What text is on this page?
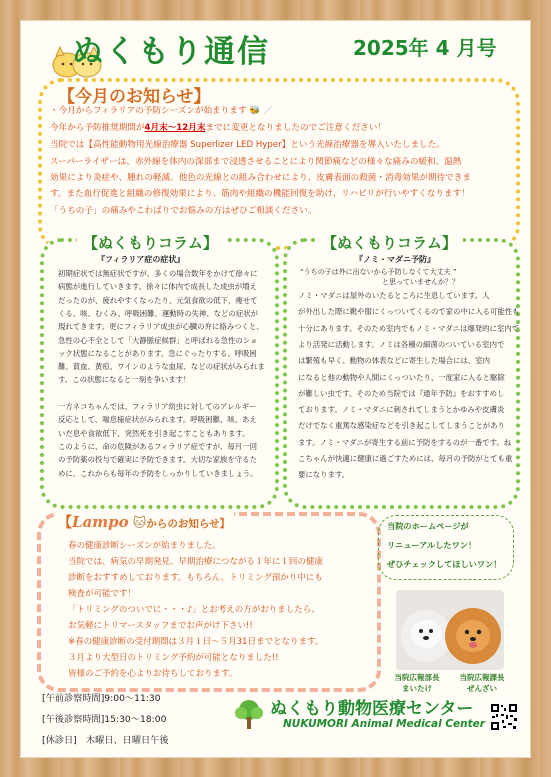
ぬくもり通信	2025年 4 月号
【今月のお知らせ】
・今月からフィラリアの予防シーズンが始まります 🐝 ／
今年から予防推奨期間が4月末〜12月末までに変更となりましたのでご注意ください！
当院では【高性能動物用光線治療器 Superlizer LED Hyper】という光線治療器を導入いたしました。
スーパーライザーは、赤外線を体内の深部まで浸透させることにより関節痛などの様々な痛みの緩和、温熱
効果により炎症や、腫れの軽減、他色の光線との組み合わせにより、皮膚表面の殺菌・消毒効果が期待できま
す。また血行促進と組織の修復効果により、筋肉や組織の機能回復を助け、リハビリが行いやすくなります！
「うちの子」の痛みやこわばりでお悩みの方はぜひご相談ください。
【ぬくもりコラム】
『フィラリア症の症状』
初期症状では無症状ですが、多くの場合数年をかけて徐々に
病態が進行していきます。徐々に体内で成長した成虫が増え
だったのが、疲れやすくなったり、元気食欲の低下、痩せて
くる、咳、むくみ、呼吸困難、運動時の失神、などの症状が
現れてきます。更にフィラリア成虫が心臓の弁に絡みつくと、
急性の心不全として「大静脈症候群」と呼ばれる急性のショ
ック状態になることがあります。急にぐったりする、呼吸困
難、貧血、黄疸、ワインのような血尿、などの症状がみられま
す。この状態になると一刻を争います！
一方ネコちゃんでは、フィラリア幼虫に対してのアレルギー
反応として、喘息様症状がみられます。呼吸困難、咳、あえ
いだ息や食欲低下、突然死を引き起こすこともあります。
このように、命の危険があるフィラリア症ですが、毎月一回
の予防薬の投与で確実に予防できます。大切な家族を守るた
めに、これからも毎年の予防をしっかりしていきましょう。
【ぬくもりコラム】
『ノミ・マダニ予防』
“うちの子は外に出ないから予防しなくて大丈夫 ”
と思っていませんか？？
ノミ・マダニは屋外のいたるところに生息しています。人
が外出した際に靴や服にくっついてくるので家の中に入る可能性も
十分にあります。そのため室内でもノミ・マダニは爆発的に室内で
より活発に活動します。ノミは各種の細菌のついている室内で
は繁殖も早く、動物の体表などに寄生した場合には、室内
になると他の動物や人間にくっついたり、一度家に入ると駆除
が難しい虫です。そのため当院では『通年予防』をおすすめし
ております。ノミ・マダニに刺されてしまうとかゆみや皮膚炎
だけでなく重篤な感染症などを引き起こしてしまうことがあり
ます。ノミ・マダニが寄生する前に予防をするのが一番です。ね
こちゃんが快適に健康に過ごすためには、毎月の予防がとても重
要になります。
【Lampo 🐱からのお知らせ】
春の健康診断シーズンが始まりました。
当院では、病気の早期発見、早期治療につながる１年に１回の健康
診断をおすすめしております。もちろん、トリミング預かり中にも
検査が可能です！
「トリミングのついでに・・・♪」とお考えの方がおりましたら、
お気軽にトリマースタッフまでお声がけ下さい!!
※春の健康診断の受付期間は３月１日〜５月31日までとなります。
３月より大型日のトリミング予約が可能となりました!!
皆様のご予約を心よりお待ちしております。
当院のホームページが
リニューアルしたワン！
ぜひチェックしてほしいワン！
当院広報部長
まいたけ
当院広報課長
ぜんざい
[午前診察時間]9:00〜11:30
[午後診察時間]15:30〜18:00
[休診日]　木曜日、日曜日午後
ぬくもり動物医療センター
NUKUMORI Animal Medical Center
